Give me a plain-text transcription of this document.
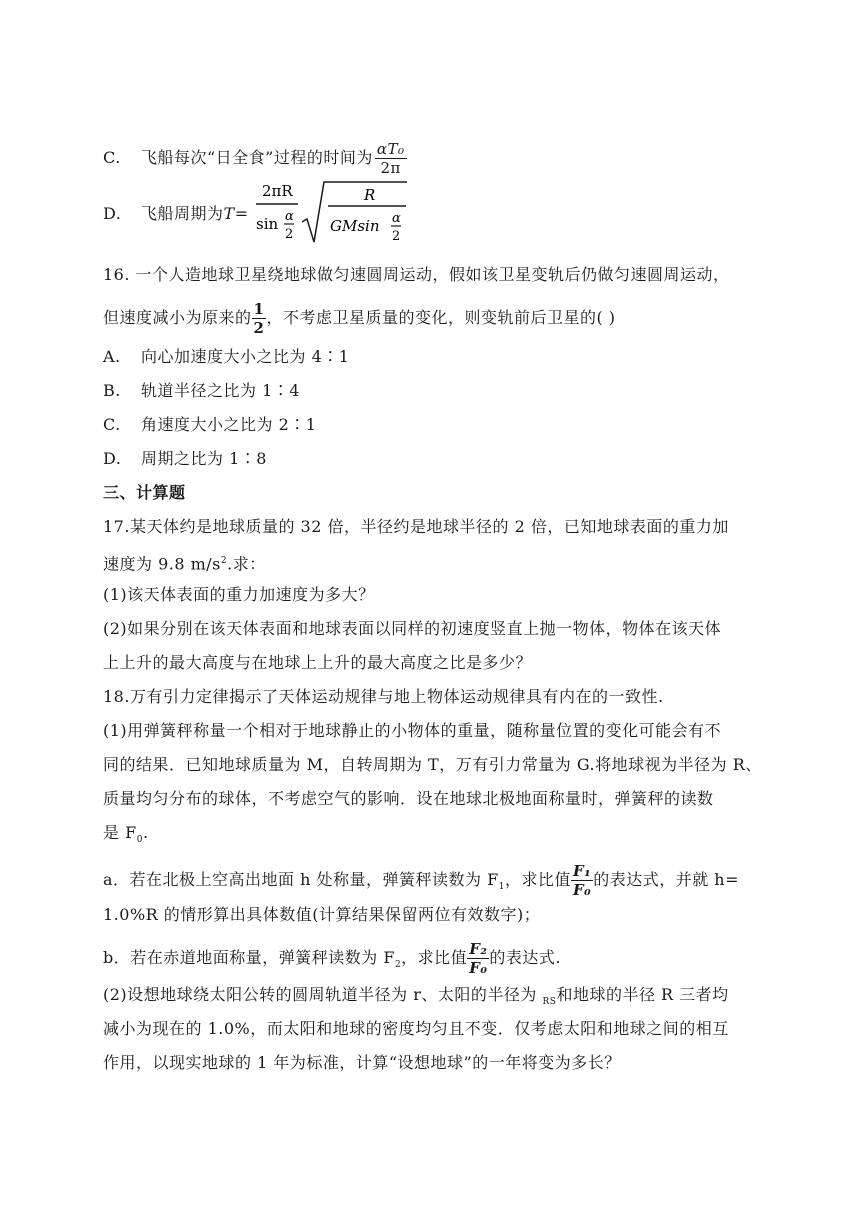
C. 飞船每次“日全食”过程的时间为 $\frac{\text{αT₀}}{2\pi}$
D. 飞船周期为T=
2πR
sin α
2
R
GMsin α
2
16. 一个人造地球卫星绕地球做匀速圆周运动，假如该卫星变轨后仍做匀速圆周运动，
但速度减小为原来的 $\frac{1}{2}$ ，不考虑卫星质量的变化，则变轨前后卫星的( )
A. 向心加速度大小之比为 4∶1
B. 轨道半径之比为 1∶4
C. 角速度大小之比为 2∶1
D. 周期之比为 1∶8
三、计算题
17.某天体约是地球质量的 32 倍，半径约是地球半径的 2 倍，已知地球表面的重力加
速度为 9.8 $m/s^2$.求：
(1)该天体表面的重力加速度为多大？
(2)如果分别在该天体表面和地球表面以同样的初速度竖直上抛一物体，物体在该天体
上上升的最大高度与在地球上上升的最大高度之比是多少？
18.万有引力定律揭示了天体运动规律与地上物体运动规律具有内在的一致性.
(1)用弹簧秤称量一个相对于地球静止的小物体的重量，随称量位置的变化可能会有不
同的结果．已知地球质量为 M，自转周期为 T，万有引力常量为 G.将地球视为半径为 R、
质量均匀分布的球体，不考虑空气的影响．设在地球北极地面称量时，弹簧秤的读数
是 $F_0$.
a．若在北极上空高出地面 h 处称量，弹簧秤读数为 $F_1$，求比值 $\frac{\text{F₁}}{\text{F₀}}$ 的表达式，并就 h=
1.0%R 的情形算出具体数值(计算结果保留两位有效数字)；
b．若在赤道地面称量，弹簧秤读数为 $F_2$，求比值 $\frac{\text{F₂}}{\text{F₀}}$ 的表达式.
(2)设想地球绕太阳公转的圆周轨道半径为 r、太阳的半径为 $_{RS}$和地球的半径 R 三者均
减小为现在的 1.0%，而太阳和地球的密度均匀且不变．仅考虑太阳和地球之间的相互
作用，以现实地球的 1 年为标准，计算“设想地球”的一年将变为多长？
